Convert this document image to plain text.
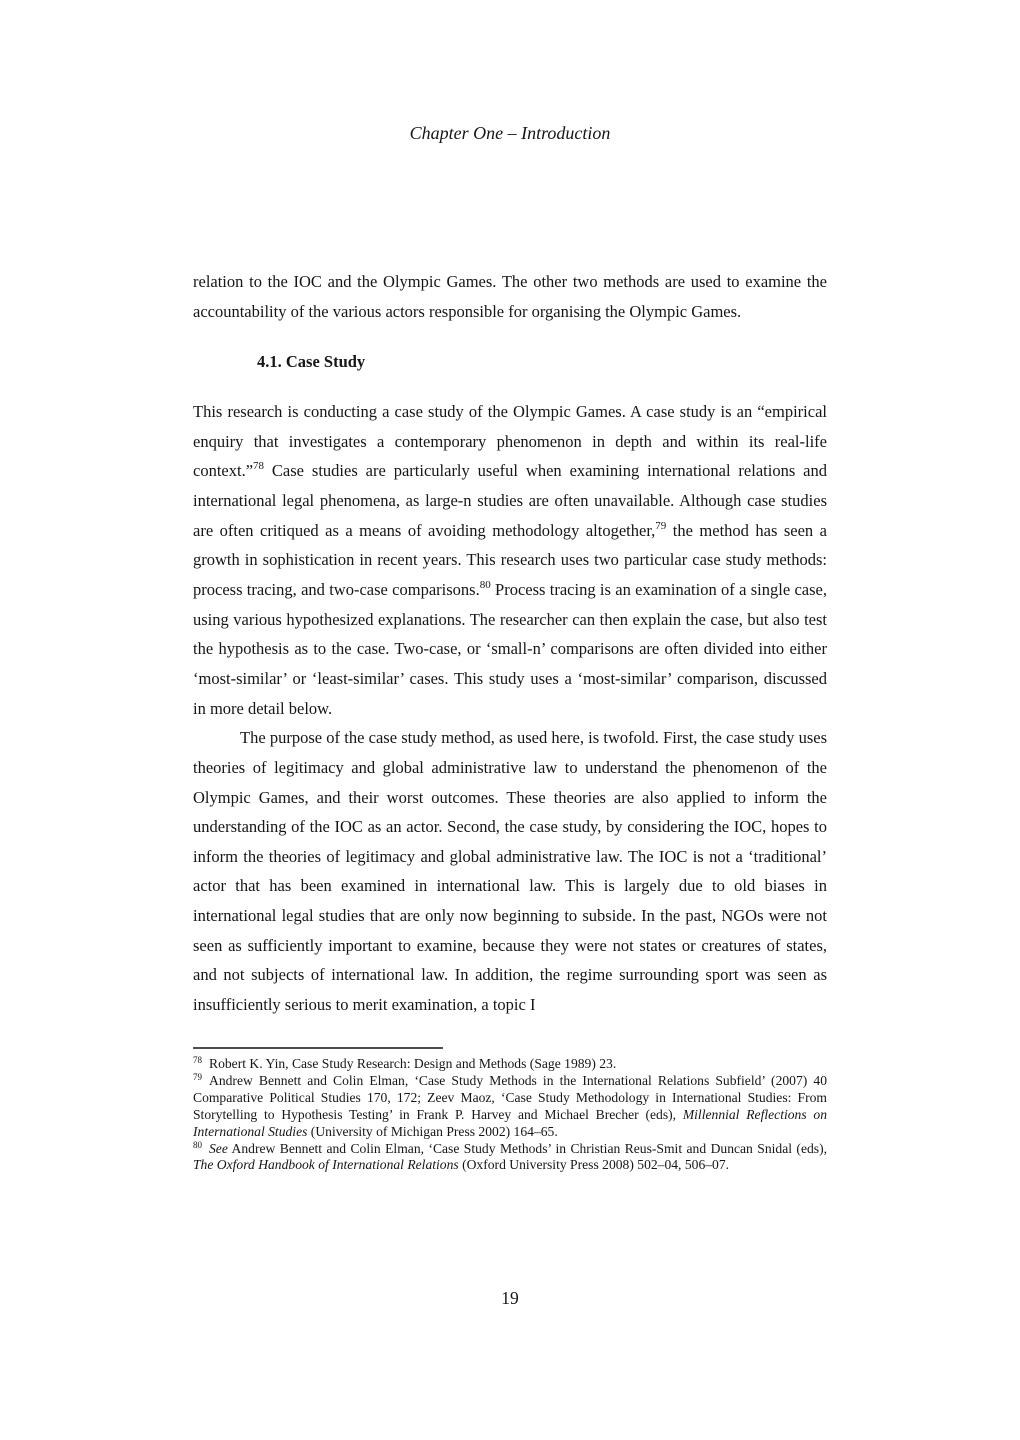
Chapter One – Introduction

relation to the IOC and the Olympic Games. The other two methods are used to examine the accountability of the various actors responsible for organising the Olympic Games.

4.1. Case Study

This research is conducting a case study of the Olympic Games. A case study is an “empirical enquiry that investigates a contemporary phenomenon in depth and within its real-life context.”$^{78}$ Case studies are particularly useful when examining international relations and international legal phenomena, as large-n studies are often unavailable. Although case studies are often critiqued as a means of avoiding methodology altogether,$^{79}$ the method has seen a growth in sophistication in recent years. This research uses two particular case study methods: process tracing, and two-case comparisons.$^{80}$ Process tracing is an examination of a single case, using various hypothesized explanations. The researcher can then explain the case, but also test the hypothesis as to the case. Two-case, or ‘small-n’ comparisons are often divided into either ‘most-similar’ or ‘least-similar’ cases. This study uses a ‘most-similar’ comparison, discussed in more detail below.

The purpose of the case study method, as used here, is twofold. First, the case study uses theories of legitimacy and global administrative law to understand the phenomenon of the Olympic Games, and their worst outcomes. These theories are also applied to inform the understanding of the IOC as an actor. Second, the case study, by considering the IOC, hopes to inform the theories of legitimacy and global administrative law. The IOC is not a ‘traditional’ actor that has been examined in international law. This is largely due to old biases in international legal studies that are only now beginning to subside. In the past, NGOs were not seen as sufficiently important to examine, because they were not states or creatures of states, and not subjects of international law. In addition, the regime surrounding sport was seen as insufficiently serious to merit examination, a topic I

$^{78}$ Robert K. Yin, Case Study Research: Design and Methods (Sage 1989) 23.
$^{79}$ Andrew Bennett and Colin Elman, ‘Case Study Methods in the International Relations Subfield’ (2007) 40 Comparative Political Studies 170, 172; Zeev Maoz, ‘Case Study Methodology in International Studies: From Storytelling to Hypothesis Testing’ in Frank P. Harvey and Michael Brecher (eds), Millennial Reflections on International Studies (University of Michigan Press 2002) 164–65.
$^{80}$ See Andrew Bennett and Colin Elman, ‘Case Study Methods’ in Christian Reus-Smit and Duncan Snidal (eds), The Oxford Handbook of International Relations (Oxford University Press 2008) 502–04, 506–07.
19
